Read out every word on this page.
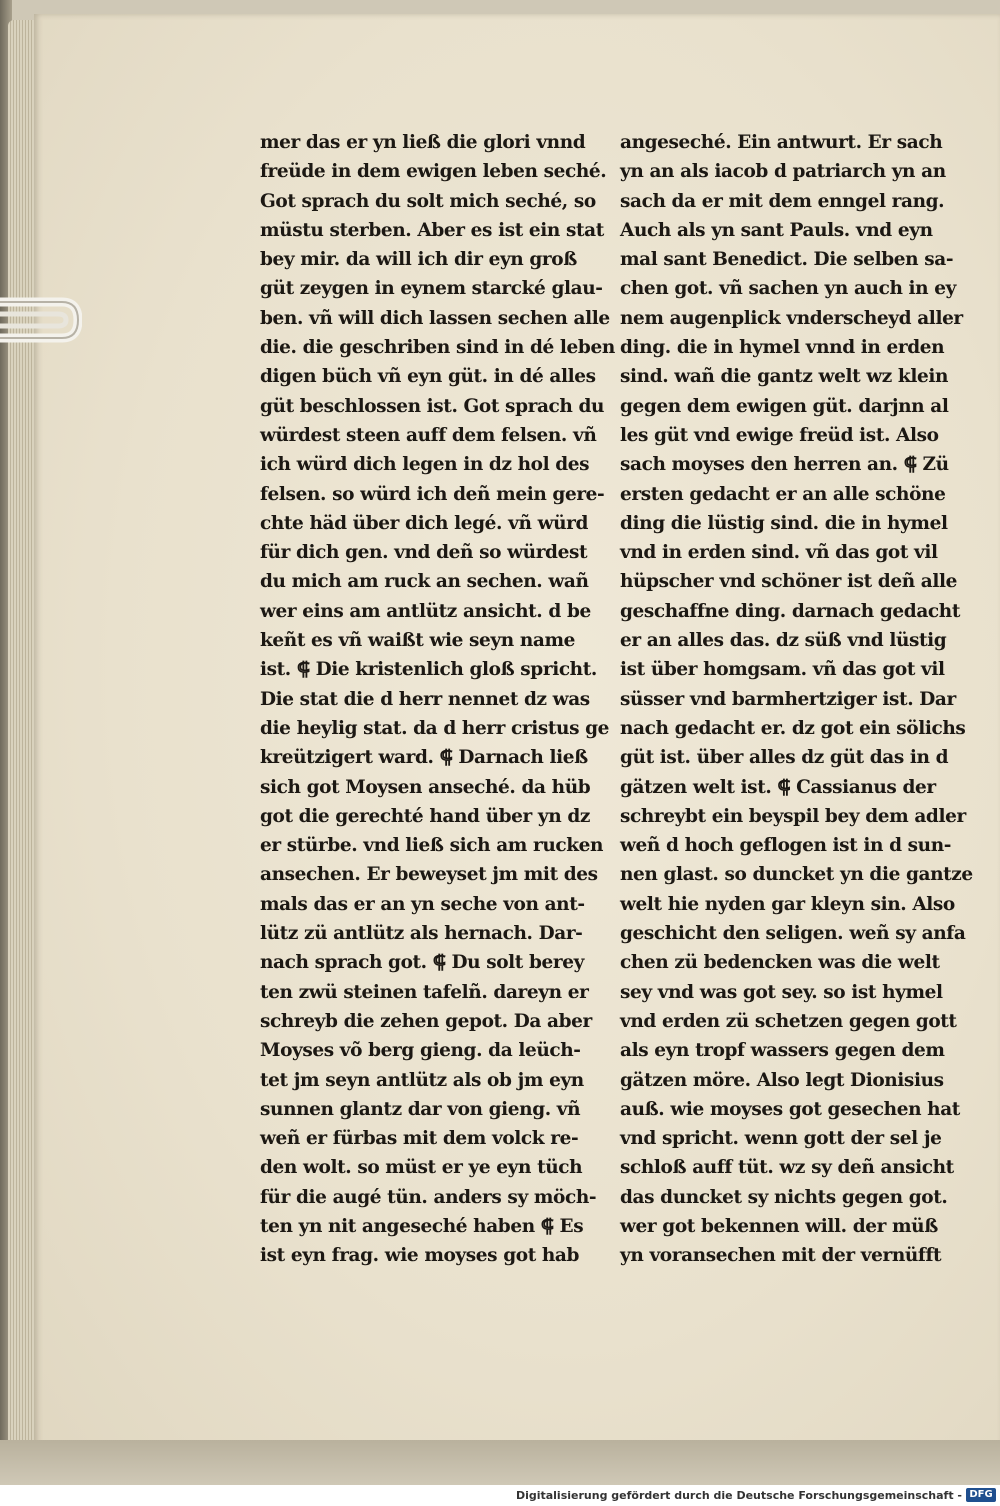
mer das er yn ließ die glori vnnd
freüde in dem ewigen leben seché.
Got sprach du solt mich seché, so
müstu sterben. Aber es ist ein stat
bey mir. da will ich dir eyn groß
güt zeygen in eynem starcké glau-
ben. vñ will dich lassen sechen alle
die. die geschriben sind in dé leben
digen büch vñ eyn güt. in dé alles
güt beschlossen ist. Got sprach du
würdest steen auff dem felsen. vñ
ich würd dich legen in dz hol des
felsen. so würd ich deñ mein gere-
chte häd über dich legé. vñ würd
für dich gen. vnd deñ so würdest
du mich am ruck an sechen. wañ
wer eins am antlütz ansicht. d be
keñt es vñ waißt wie seyn name
ist. ⸿ Die kristenlich gloß spricht.
Die stat die d herr nennet dz was
die heylig stat. da d herr cristus ge
kreützigert ward. ⸿ Darnach ließ
sich got Moysen anseché. da hüb
got die gerechté hand über yn dz
er stürbe. vnd ließ sich am rucken
ansechen. Er beweyset jm mit des
mals das er an yn seche von ant-
lütz zü antlütz als hernach. Dar-
nach sprach got. ⸿ Du solt berey
ten zwü steinen tafelñ. dareyn er
schreyb die zehen gepot. Da aber
Moyses võ berg gieng. da leüch-
tet jm seyn antlütz als ob jm eyn
sunnen glantz dar von gieng. vñ
weñ er fürbas mit dem volck re-
den wolt. so müst er ye eyn tüch
für die augé tün. anders sy möch-
ten yn nit angeseché haben ⸿ Es
ist eyn frag. wie moyses got hab
angeseché. Ein antwurt. Er sach
yn an als iacob d patriarch yn an
sach da er mit dem enngel rang.
Auch als yn sant Pauls. vnd eyn
mal sant Benedict. Die selben sa-
chen got. vñ sachen yn auch in ey
nem augenplick vnderscheyd aller
ding. die in hymel vnnd in erden
sind. wañ die gantz welt wz klein
gegen dem ewigen güt. darjnn al
les güt vnd ewige freüd ist. Also
sach moyses den herren an. ⸿ Zü
ersten gedacht er an alle schöne
ding die lüstig sind. die in hymel
vnd in erden sind. vñ das got vil
hüpscher vnd schöner ist deñ alle
geschaffne ding. darnach gedacht
er an alles das. dz süß vnd lüstig
ist über homgsam. vñ das got vil
süsser vnd barmhertziger ist. Dar
nach gedacht er. dz got ein sölichs
güt ist. über alles dz güt das in d
gätzen welt ist. ⸿ Cassianus der
schreybt ein beyspil bey dem adler
weñ d hoch geflogen ist in d sun-
nen glast. so duncket yn die gantze
welt hie nyden gar kleyn sin. Also
geschicht den seligen. weñ sy anfa
chen zü bedencken was die welt
sey vnd was got sey. so ist hymel
vnd erden zü schetzen gegen gott
als eyn tropf wassers gegen dem
gätzen möre. Also legt Dionisius
auß. wie moyses got gesechen hat
vnd spricht. wenn gott der sel je
schloß auff tüt. wz sy deñ ansicht
das duncket sy nichts gegen got.
wer got bekennen will. der müß
yn voransechen mit der vernüfft
Digitalisierung gefördert durch die Deutsche Forschungsgemeinschaft - DFG
